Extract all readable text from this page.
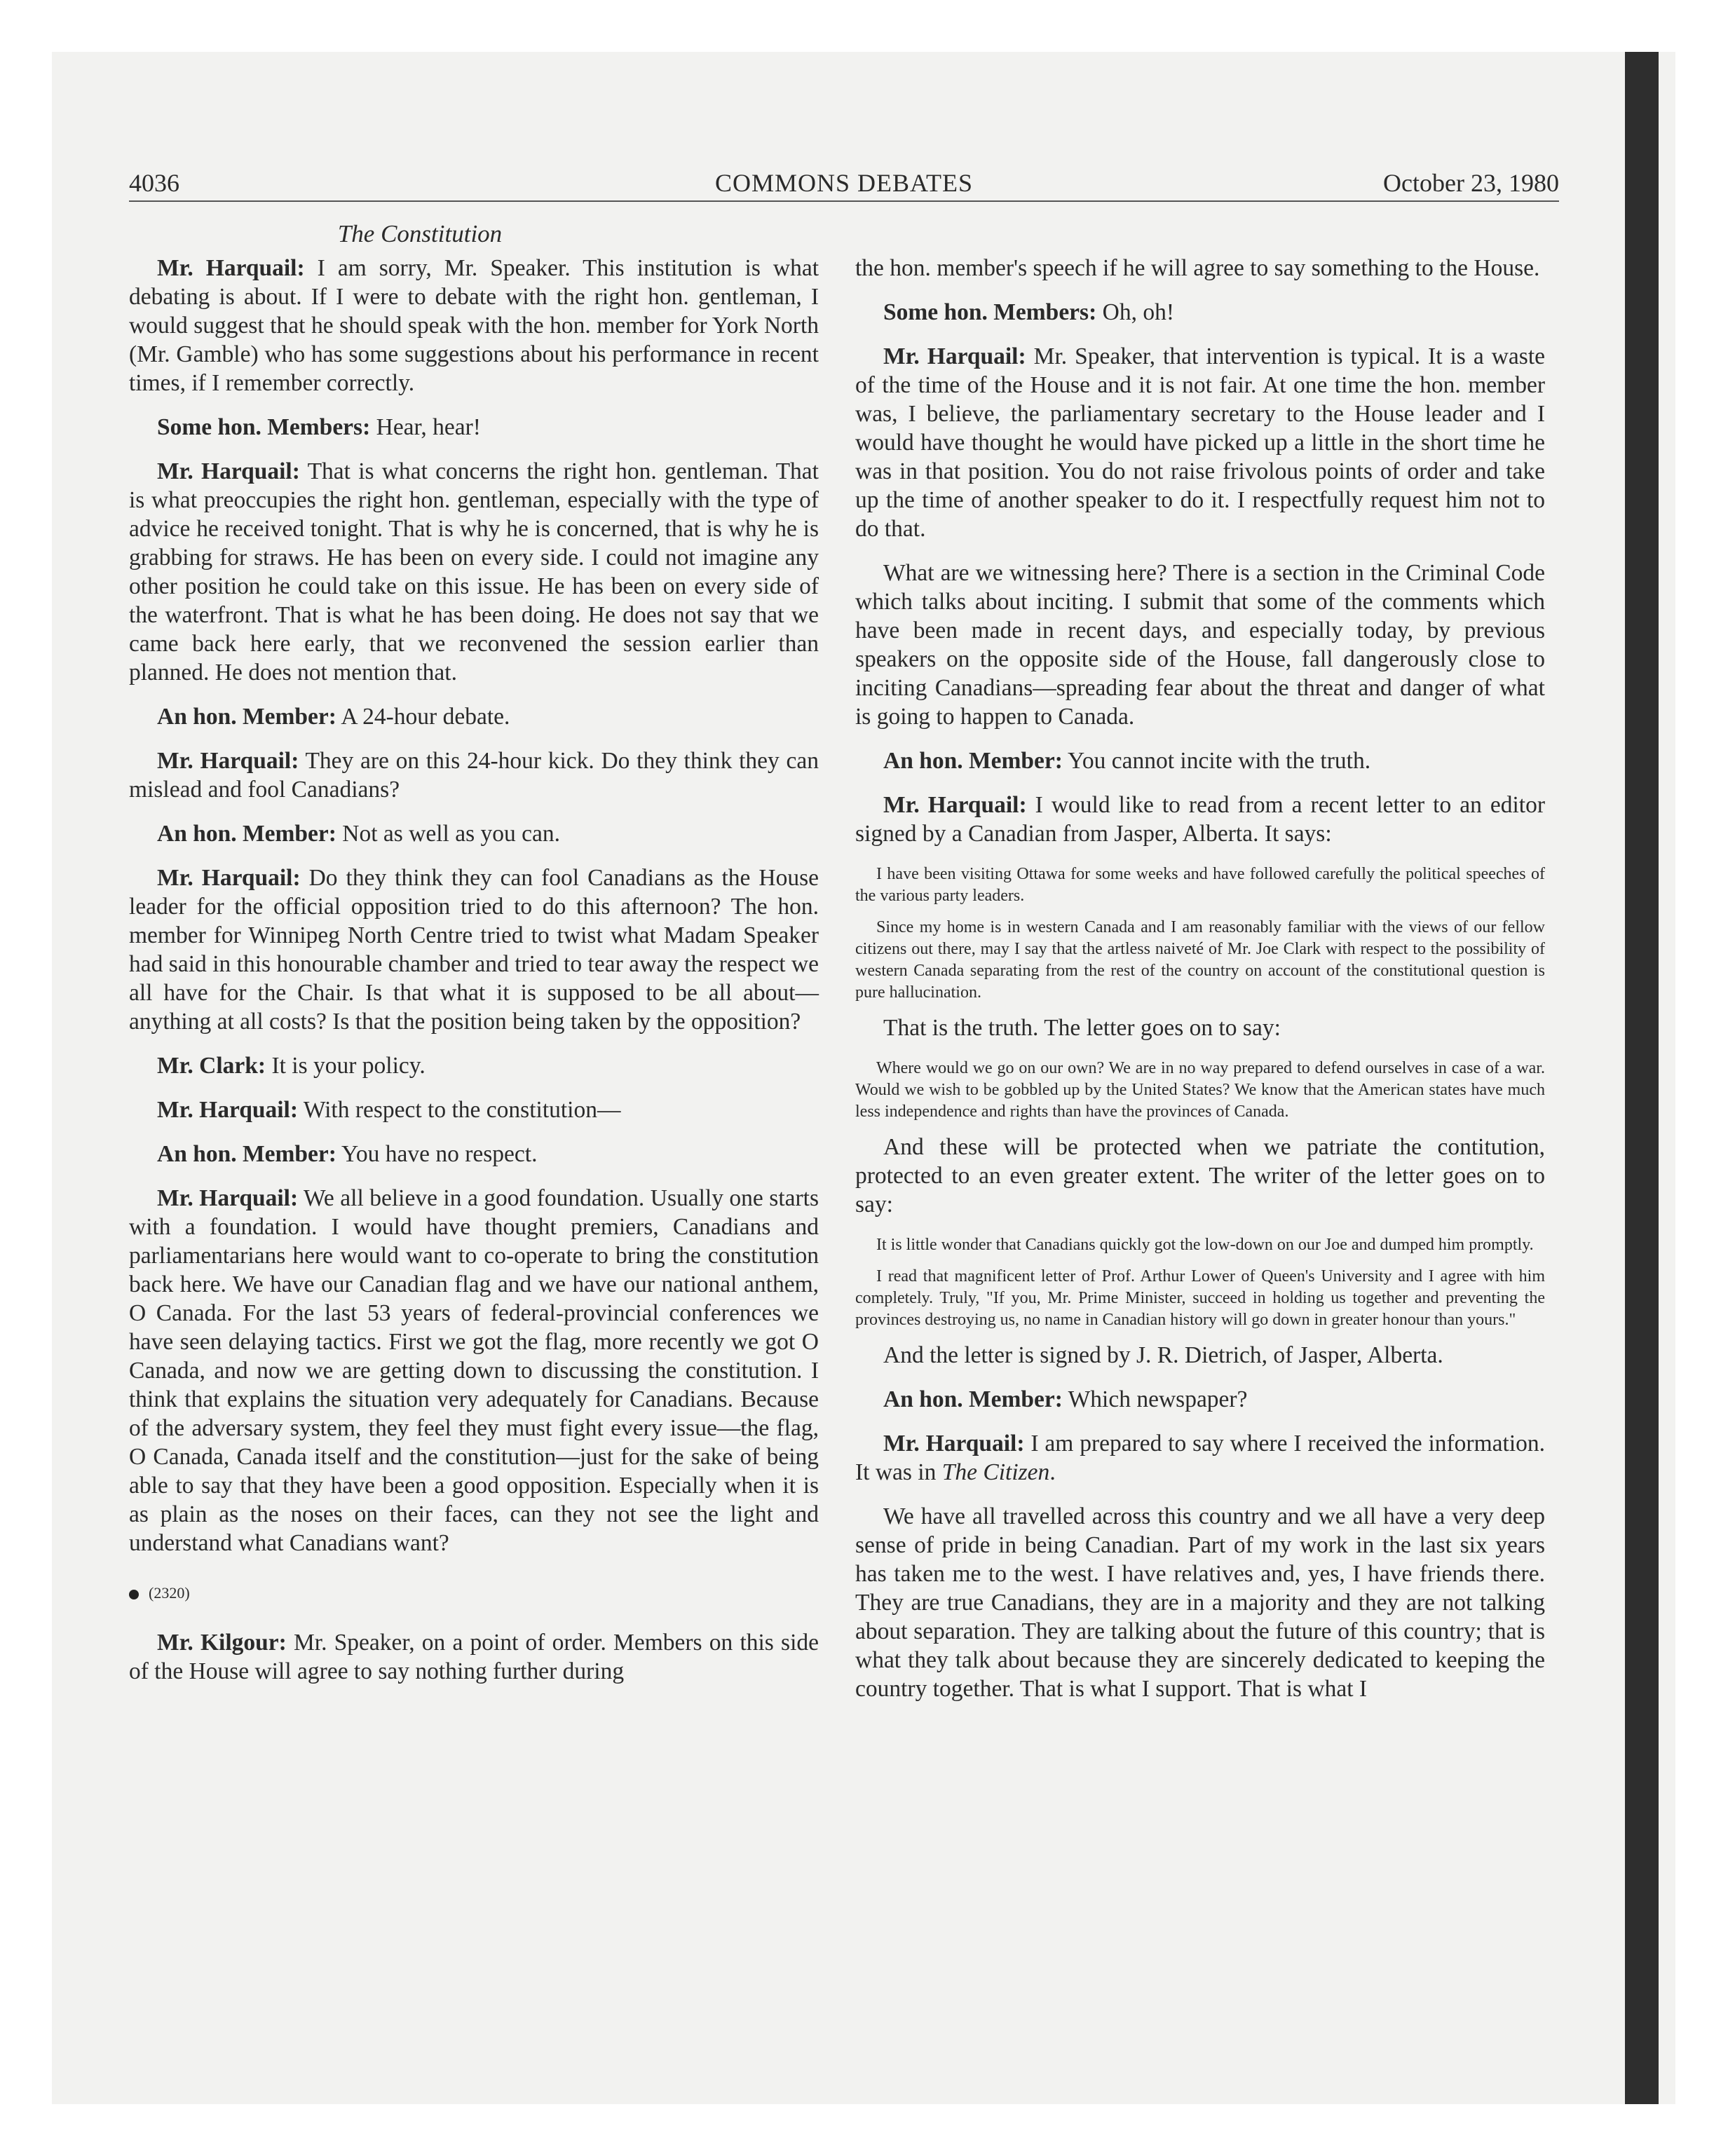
4036	COMMONS DEBATES	October 23, 1980
The Constitution

Mr. Harquail: I am sorry, Mr. Speaker. This institution is what debating is about. If I were to debate with the right hon. gentleman, I would suggest that he should speak with the hon. member for York North (Mr. Gamble) who has some suggestions about his performance in recent times, if I remember correctly.

Some hon. Members: Hear, hear!

Mr. Harquail: That is what concerns the right hon. gentleman. That is what preoccupies the right hon. gentleman, especially with the type of advice he received tonight. That is why he is concerned, that is why he is grabbing for straws. He has been on every side. I could not imagine any other position he could take on this issue. He has been on every side of the waterfront. That is what he has been doing. He does not say that we came back here early, that we reconvened the session earlier than planned. He does not mention that.

An hon. Member: A 24-hour debate.

Mr. Harquail: They are on this 24-hour kick. Do they think they can mislead and fool Canadians?

An hon. Member: Not as well as you can.

Mr. Harquail: Do they think they can fool Canadians as the House leader for the official opposition tried to do this afternoon? The hon. member for Winnipeg North Centre tried to twist what Madam Speaker had said in this honourable chamber and tried to tear away the respect we all have for the Chair. Is that what it is supposed to be all about—anything at all costs? Is that the position being taken by the opposition?

Mr. Clark: It is your policy.

Mr. Harquail: With respect to the constitution—

An hon. Member: You have no respect.

Mr. Harquail: We all believe in a good foundation. Usually one starts with a foundation. I would have thought premiers, Canadians and parliamentarians here would want to co-operate to bring the constitution back here. We have our Canadian flag and we have our national anthem, O Canada. For the last 53 years of federal-provincial conferences we have seen delaying tactics. First we got the flag, more recently we got O Canada, and now we are getting down to discussing the constitution. I think that explains the situation very adequately for Canadians. Because of the adversary system, they feel they must fight every issue—the flag, O Canada, Canada itself and the constitution—just for the sake of being able to say that they have been a good opposition. Especially when it is as plain as the noses on their faces, can they not see the light and understand what Canadians want?

(2320)

Mr. Kilgour: Mr. Speaker, on a point of order. Members on this side of the House will agree to say nothing further during

the hon. member's speech if he will agree to say something to the House.

Some hon. Members: Oh, oh!

Mr. Harquail: Mr. Speaker, that intervention is typical. It is a waste of the time of the House and it is not fair. At one time the hon. member was, I believe, the parliamentary secretary to the House leader and I would have thought he would have picked up a little in the short time he was in that position. You do not raise frivolous points of order and take up the time of another speaker to do it. I respectfully request him not to do that.

What are we witnessing here? There is a section in the Criminal Code which talks about inciting. I submit that some of the comments which have been made in recent days, and especially today, by previous speakers on the opposite side of the House, fall dangerously close to inciting Canadians—spreading fear about the threat and danger of what is going to happen to Canada.

An hon. Member: You cannot incite with the truth.

Mr. Harquail: I would like to read from a recent letter to an editor signed by a Canadian from Jasper, Alberta. It says:

I have been visiting Ottawa for some weeks and have followed carefully the political speeches of the various party leaders.
Since my home is in western Canada and I am reasonably familiar with the views of our fellow citizens out there, may I say that the artless naiveté of Mr. Joe Clark with respect to the possibility of western Canada separating from the rest of the country on account of the constitutional question is pure hallucination.

That is the truth. The letter goes on to say:

Where would we go on our own? We are in no way prepared to defend ourselves in case of a war. Would we wish to be gobbled up by the United States? We know that the American states have much less independence and rights than have the provinces of Canada.

And these will be protected when we patriate the contitution, protected to an even greater extent. The writer of the letter goes on to say:

It is little wonder that Canadians quickly got the low-down on our Joe and dumped him promptly.
I read that magnificent letter of Prof. Arthur Lower of Queen's University and I agree with him completely. Truly, "If you, Mr. Prime Minister, succeed in holding us together and preventing the provinces destroying us, no name in Canadian history will go down in greater honour than yours."

And the letter is signed by J. R. Dietrich, of Jasper, Alberta.

An hon. Member: Which newspaper?

Mr. Harquail: I am prepared to say where I received the information. It was in The Citizen.

We have all travelled across this country and we all have a very deep sense of pride in being Canadian. Part of my work in the last six years has taken me to the west. I have relatives and, yes, I have friends there. They are true Canadians, they are in a majority and they are not talking about separation. They are talking about the future of this country; that is what they talk about because they are sincerely dedicated to keeping the country together. That is what I support. That is what I
